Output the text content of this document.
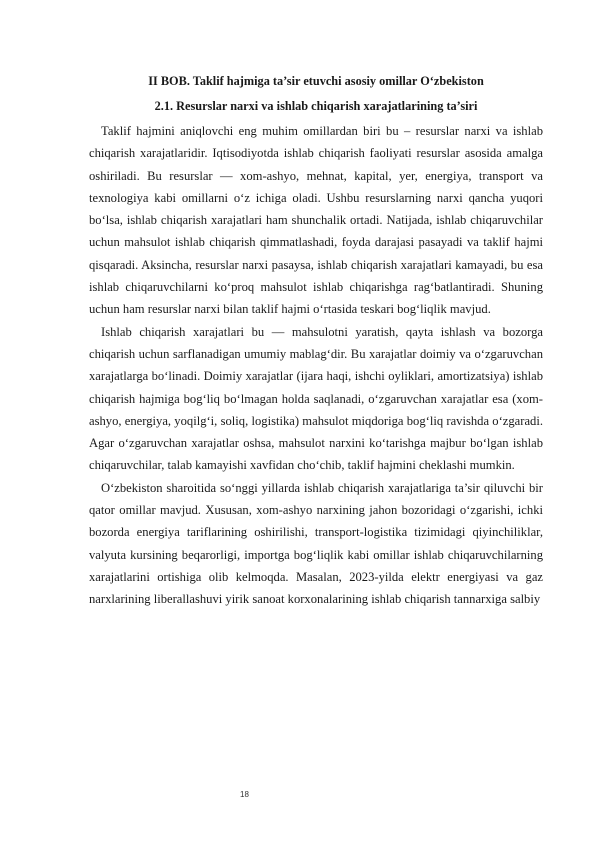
II BOB. Taklif hajmiga ta’sir etuvchi asosiy omillar O‘zbekiston

2.1. Resurslar narxi va ishlab chiqarish xarajatlarining ta’siri

Taklif hajmini aniqlovchi eng muhim omillardan biri bu – resurslar narxi va ishlab chiqarish xarajatlaridir. Iqtisodiyotda ishlab chiqarish faoliyati resurslar asosida amalga oshiriladi. Bu resurslar — xom-ashyo, mehnat, kapital, yer, energiya, transport va texnologiya kabi omillarni o‘z ichiga oladi. Ushbu resurslarning narxi qancha yuqori bo‘lsa, ishlab chiqarish xarajatlari ham shunchalik ortadi. Natijada, ishlab chiqaruvchilar uchun mahsulot ishlab chiqarish qimmatlashadi, foyda darajasi pasayadi va taklif hajmi qisqaradi. Aksincha, resurslar narxi pasaysa, ishlab chiqarish xarajatlari kamayadi, bu esa ishlab chiqaruvchilarni ko‘proq mahsulot ishlab chiqarishga rag‘batlantiradi. Shuning uchun ham resurslar narxi bilan taklif hajmi o‘rtasida teskari bog‘liqlik mavjud.

Ishlab chiqarish xarajatlari bu — mahsulotni yaratish, qayta ishlash va bozorga chiqarish uchun sarflanadigan umumiy mablag‘dir. Bu xarajatlar doimiy va o‘zgaruvchan xarajatlarga bo‘linadi. Doimiy xarajatlar (ijara haqi, ishchi oyliklari, amortizatsiya) ishlab chiqarish hajmiga bog‘liq bo‘lmagan holda saqlanadi, o‘zgaruvchan xarajatlar esa (xom-ashyo, energiya, yoqilg‘i, soliq, logistika) mahsulot miqdoriga bog‘liq ravishda o‘zgaradi. Agar o‘zgaruvchan xarajatlar oshsa, mahsulot narxini ko‘tarishga majbur bo‘lgan ishlab chiqaruvchilar, talab kamayishi xavfidan cho‘chib, taklif hajmini cheklashi mumkin.

O‘zbekiston sharoitida so‘nggi yillarda ishlab chiqarish xarajatlariga ta’sir qiluvchi bir qator omillar mavjud. Xususan, xom-ashyo narxining jahon bozoridagi o‘zgarishi, ichki bozorda energiya tariflarining oshirilishi, transport-logistika tizimidagi qiyinchiliklar, valyuta kursining beqarorligi, importga bog‘liqlik kabi omillar ishlab chiqaruvchilarning xarajatlarini ortishiga olib kelmoqda. Masalan, 2023-yilda elektr energiyasi va gaz narxlarining liberallashuvi yirik sanoat korxonalarining ishlab chiqarish tannarxiga salbiy

18
